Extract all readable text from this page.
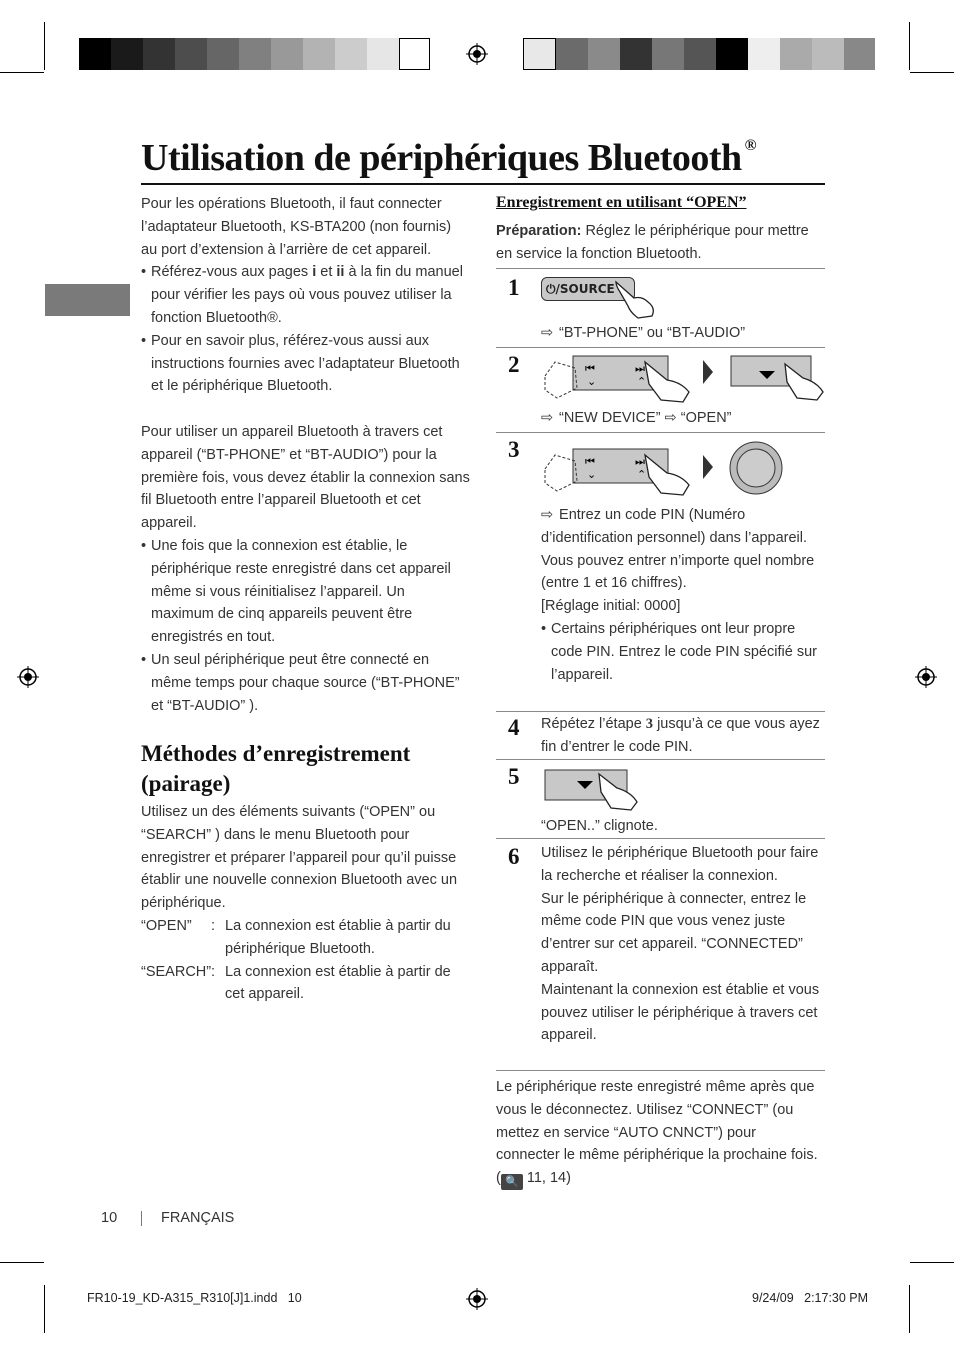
Utilisation de périphériques Bluetooth ®

Pour les opérations Bluetooth, il faut connecter l’adaptateur Bluetooth, KS-BTA200 (non fournis) au port d’extension à l’arrière de cet appareil.

• Référez-vous aux pages i et ii à la fin du manuel pour vérifier les pays où vous pouvez utiliser la fonction Bluetooth®.
• Pour en savoir plus, référez-vous aussi aux instructions fournies avec l’adaptateur Bluetooth et le périphérique Bluetooth.

Pour utiliser un appareil Bluetooth à travers cet appareil (“BT-PHONE” et “BT-AUDIO”) pour la première fois, vous devez établir la connexion sans fil Bluetooth entre l’appareil Bluetooth et cet appareil.

• Une fois que la connexion est établie, le périphérique reste enregistré dans cet appareil même si vous réinitialisez l’appareil. Un maximum de cinq appareils peuvent être enregistrés en tout.
• Un seul périphérique peut être connecté en même temps pour chaque source (“BT-PHONE” et “BT-AUDIO” ).
Méthodes d’enregistrement (pairage)

Utilisez un des éléments suivants (“OPEN” ou “SEARCH” ) dans le menu Bluetooth pour enregistrer et préparer l’appareil pour qu’il puisse établir une nouvelle connexion Bluetooth avec un périphérique.

“OPEN”	: La connexion est établie à partir du périphérique Bluetooth.
“SEARCH” : La connexion est établie à partir de cet appareil.
Enregistrement en utilisant “OPEN”
Préparation: Réglez le périphérique pour mettre en service la fonction Bluetooth.
1	⏻/SOURCE
⇨ “BT-PHONE” ou “BT-AUDIO”
2	⏮
⌄
⏭
⌃
⇨ “NEW DEVICE” ⇨ “OPEN”
3	⏮
⌄
⏭
⌃
⇨ Entrez un code PIN (Numéro d’identification personnel) dans l’appareil.
Vous pouvez entrer n’importe quel nombre (entre 1 et 16 chiffres).
[Réglage initial: 0000]
• Certains périphériques ont leur propre code PIN. Entrez le code PIN spécifié sur l’appareil.
4 Répétez l’étape 3 jusqu’à ce que vous ayez fin d’entrer le code PIN.
5
“OPEN..” clignote.
6 Utilisez le périphérique Bluetooth pour faire la recherche et réaliser la connexion.
Sur le périphérique à connecter, entrez le même code PIN que vous venez juste d’entrer sur cet appareil. “CONNECTED” apparaît.
Maintenant la connexion est établie et vous pouvez utiliser le périphérique à travers cet appareil.
Le périphérique reste enregistré même après que vous le déconnectez. Utilisez “CONNECT” (ou mettez en service “AUTO CNNCT”) pour connecter le même périphérique la prochaine fois. ( 🔍 11, 14)
10	FRANÇAIS
FR10-19_KD-A315_R310[J]1.indd   10	9/24/09   2:17:30 PM
